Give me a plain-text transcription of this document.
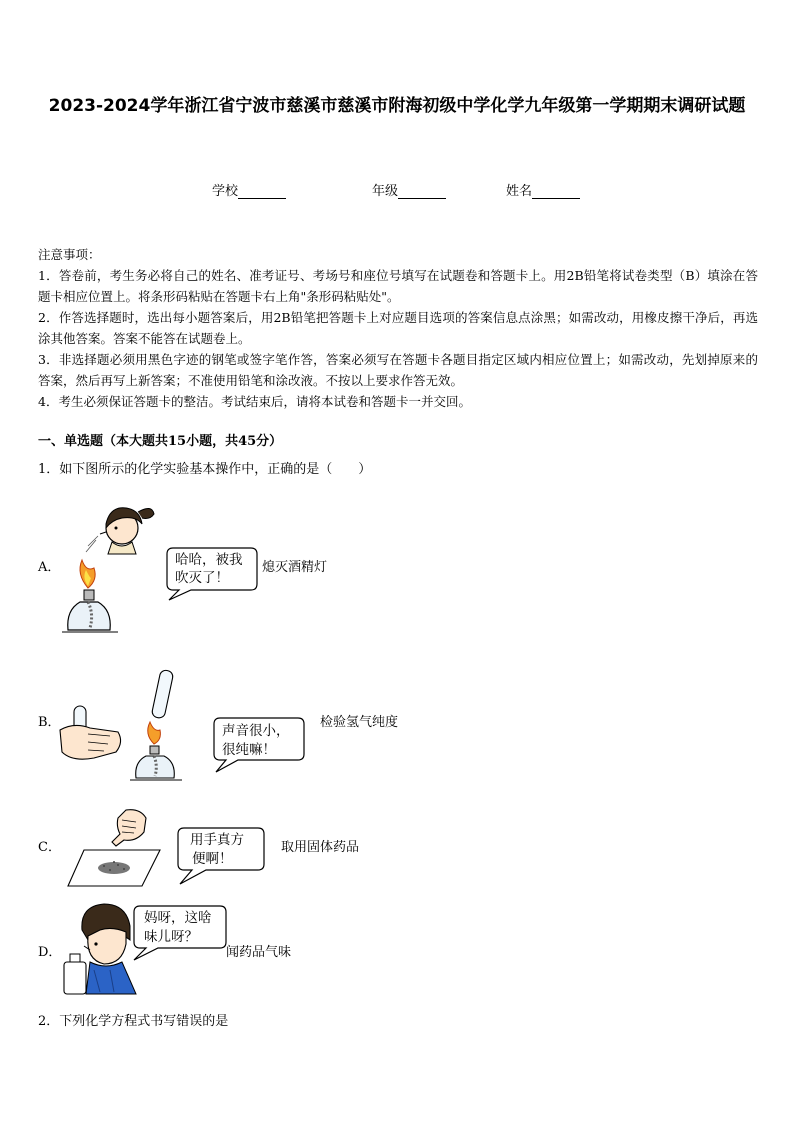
2023-2024学年浙江省宁波市慈溪市慈溪市附海初级中学化学九年级第一学期期末调研试题
学校	年级	姓名

注意事项：

1．答卷前，考生务必将自己的姓名、准考证号、考场号和座位号填写在试题卷和答题卡上。用2B铅笔将试卷类型（B）填涂在答题卡相应位置上。将条形码粘贴在答题卡右上角"条形码粘贴处"。

2．作答选择题时，选出每小题答案后，用2B铅笔把答题卡上对应题目选项的答案信息点涂黑；如需改动，用橡皮擦干净后，再选涂其他答案。答案不能答在试题卷上。

3．非选择题必须用黑色字迹的钢笔或签字笔作答，答案必须写在答题卡各题目指定区域内相应位置上；如需改动，先划掉原来的答案，然后再写上新答案；不准使用铅笔和涂改液。不按以上要求作答无效。

4．考生必须保证答题卡的整洁。考试结束后，请将本试卷和答题卡一并交回。

一、单选题（本大题共15小题，共45分）
1．如下图所示的化学实验基本操作中，正确的是（　　）
A．	哈哈，被我
吹灭了！
熄灭酒精灯
B．
声音很小，
很纯嘛！
检验氢气纯度
C．	用手真方
便啊！
取用固体药品
D．
妈呀，这啥
味儿呀？
闻药品气味
2．下列化学方程式书写错误的是
